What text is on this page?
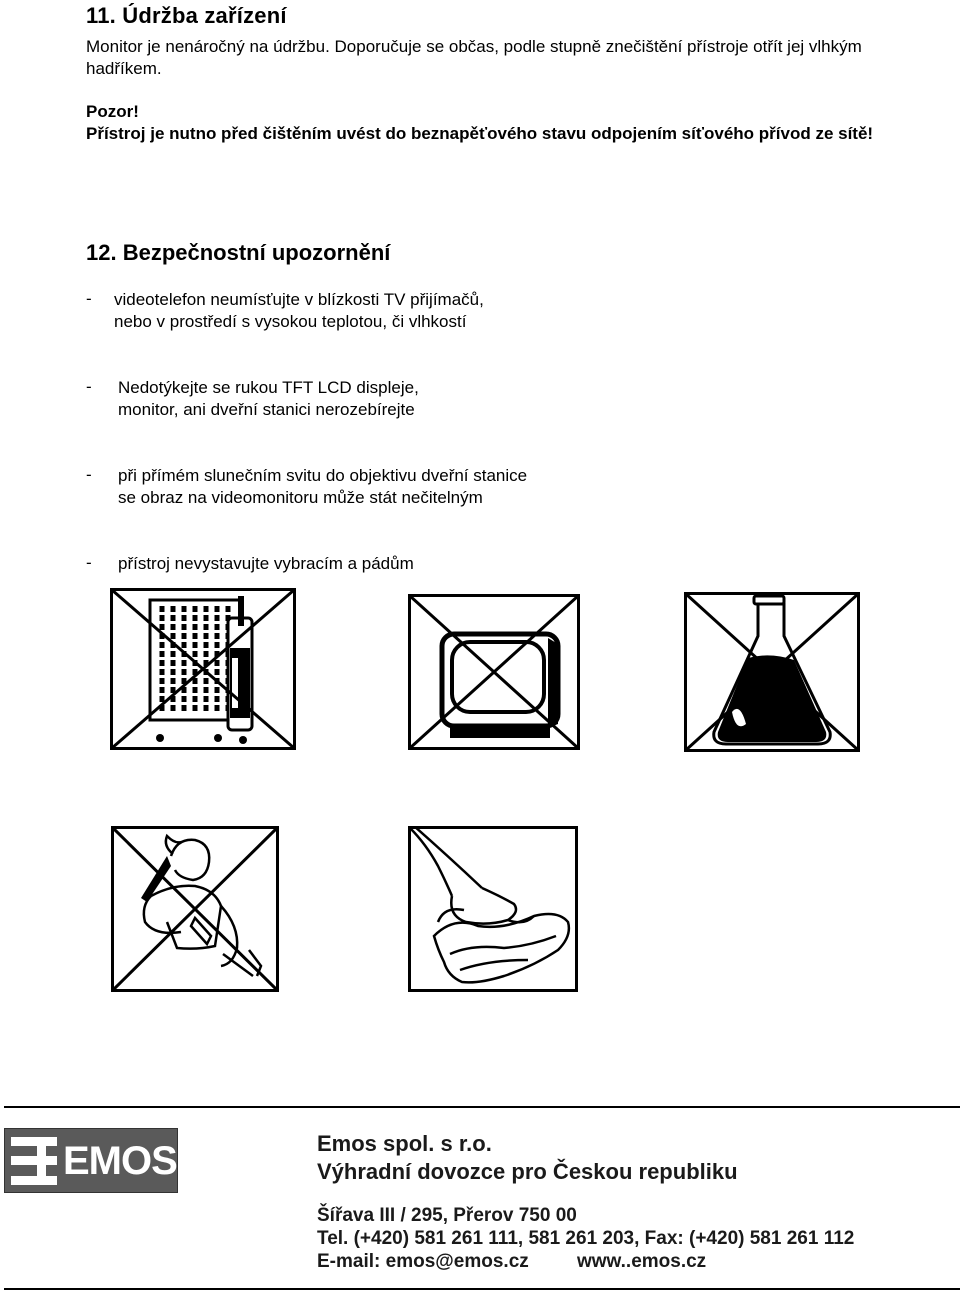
11. Údržba zařízení
Monitor je nenáročný na údržbu. Doporučuje se občas, podle stupně znečištění přístroje otřít jej vlhkým hadříkem.
Pozor!
Přístroj je nutno před čištěním uvést do beznapěťového stavu odpojením síťového přívod ze sítě!
12. Bezpečnostní upozornění
- videotelefon neumísťujte v blízkosti TV přijímačů,
nebo v prostředí s vysokou teplotou, či vlhkostí
- Nedotýkejte se rukou TFT LCD displeje,
monitor, ani dveřní stanici nerozebírejte
- při přímém slunečním svitu do objektivu dveřní stanice
se obraz na videomonitoru může stát nečitelným
- přístroj nevystavujte vybracím a pádům
EMOS	Emos spol. s r.o.
Výhradní dovozce pro Českou republiku
Šířava III / 295, Přerov 750 00
Tel. (+420) 581 261 111, 581 261 203, Fax: (+420) 581 261 112
E-mail: emos@emos.cz	www..emos.cz
